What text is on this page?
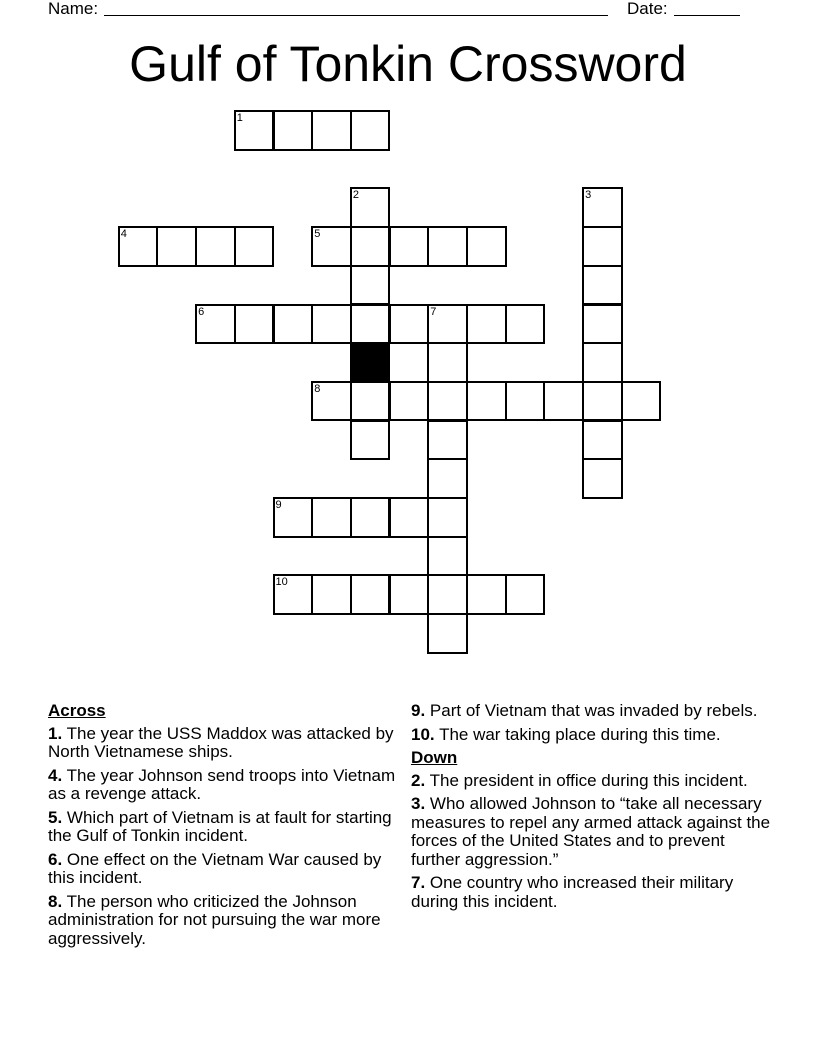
Name:	Date:
Gulf of Tonkin Crossword
1
2	3
4	5
6	7
8
9
10
Across
1. The year the USS Maddox was attacked by North Vietnamese ships.
4. The year Johnson send troops into Vietnam as a revenge attack.
5. Which part of Vietnam is at fault for starting the Gulf of Tonkin incident.
6. One effect on the Vietnam War caused by this incident.
8. The person who criticized the Johnson administration for not pursuing the war more aggressively.
9. Part of Vietnam that was invaded by rebels.
10. The war taking place during this time.
Down
2. The president in office during this incident.
3. Who allowed Johnson to “take all necessary measures to repel any armed attack against the forces of the United States and to prevent further aggression.”
7. One country who increased their military during this incident.
